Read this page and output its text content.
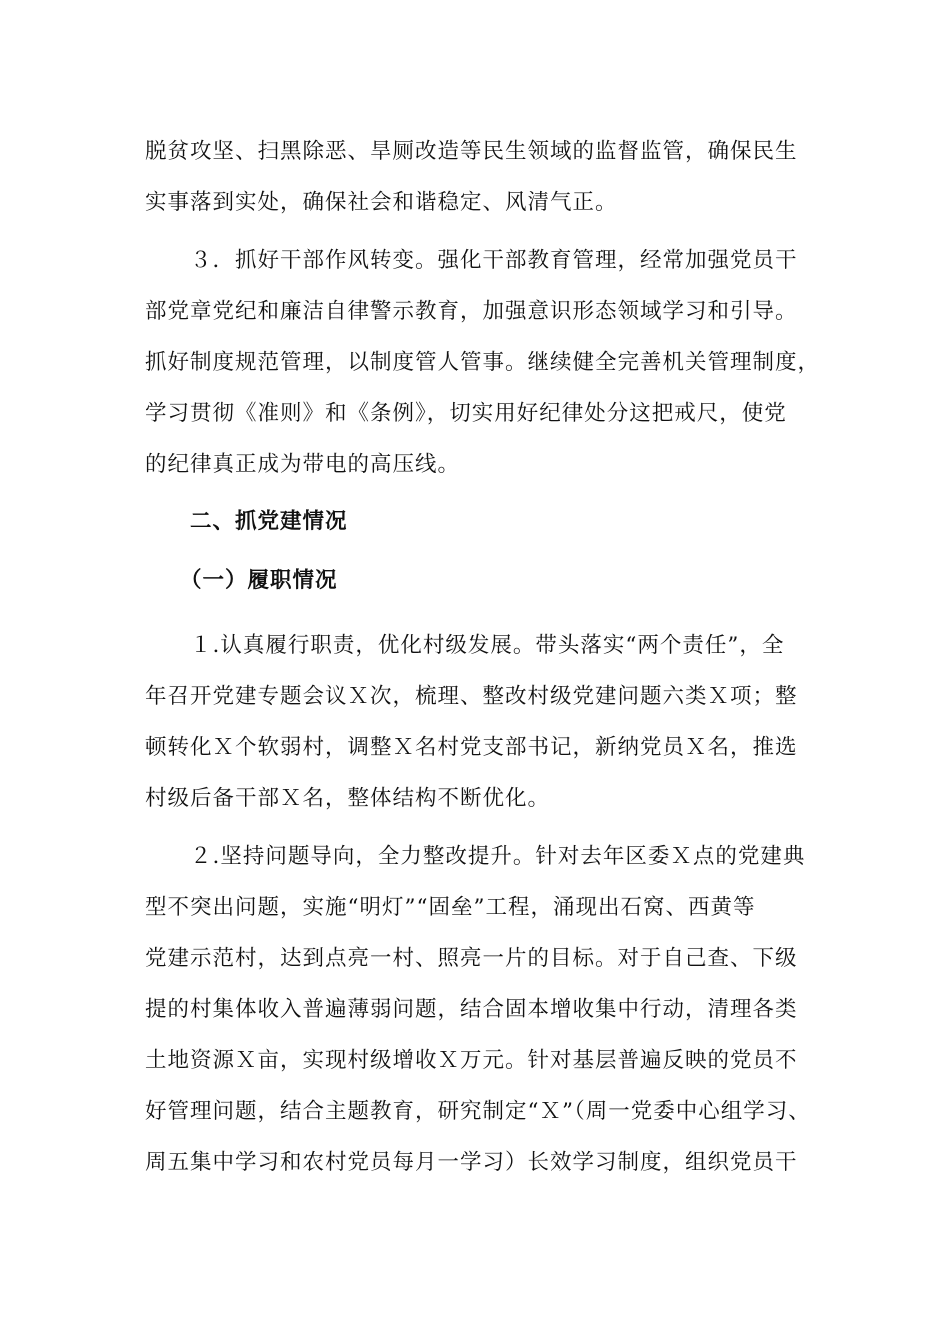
脱贫攻坚、扫黑除恶、旱厕改造等民生领域的监督监管，确保民生
实事落到实处，确保社会和谐稳定、风清气正。
３．抓好干部作风转变。强化干部教育管理，经常加强党员干
部党章党纪和廉洁自律警示教育，加强意识形态领域学习和引导。
抓好制度规范管理，以制度管人管事。继续健全完善机关管理制度，
学习贯彻《准则》和《条例》，切实用好纪律处分这把戒尺，使党
的纪律真正成为带电的高压线。
二、抓党建情况
（一）履职情况
１.认真履行职责，优化村级发展。带头落实“两个责任”，全
年召开党建专题会议Ｘ次，梳理、整改村级党建问题六类Ｘ项；整
顿转化Ｘ个软弱村，调整Ｘ名村党支部书记，新纳党员Ｘ名，推选
村级后备干部Ｘ名，整体结构不断优化。
２.坚持问题导向，全力整改提升。针对去年区委Ｘ点的党建典
型不突出问题，实施“明灯”“固垒”工程，涌现出石窝、西黄等
党建示范村，达到点亮一村、照亮一片的目标。对于自己查、下级
提的村集体收入普遍薄弱问题，结合固本增收集中行动，清理各类
土地资源Ｘ亩，实现村级增收Ｘ万元。针对基层普遍反映的党员不
好管理问题，结合主题教育，研究制定“Ｘ”（周一党委中心组学习、
周五集中学习和农村党员每月一学习）长效学习制度，组织党员干
